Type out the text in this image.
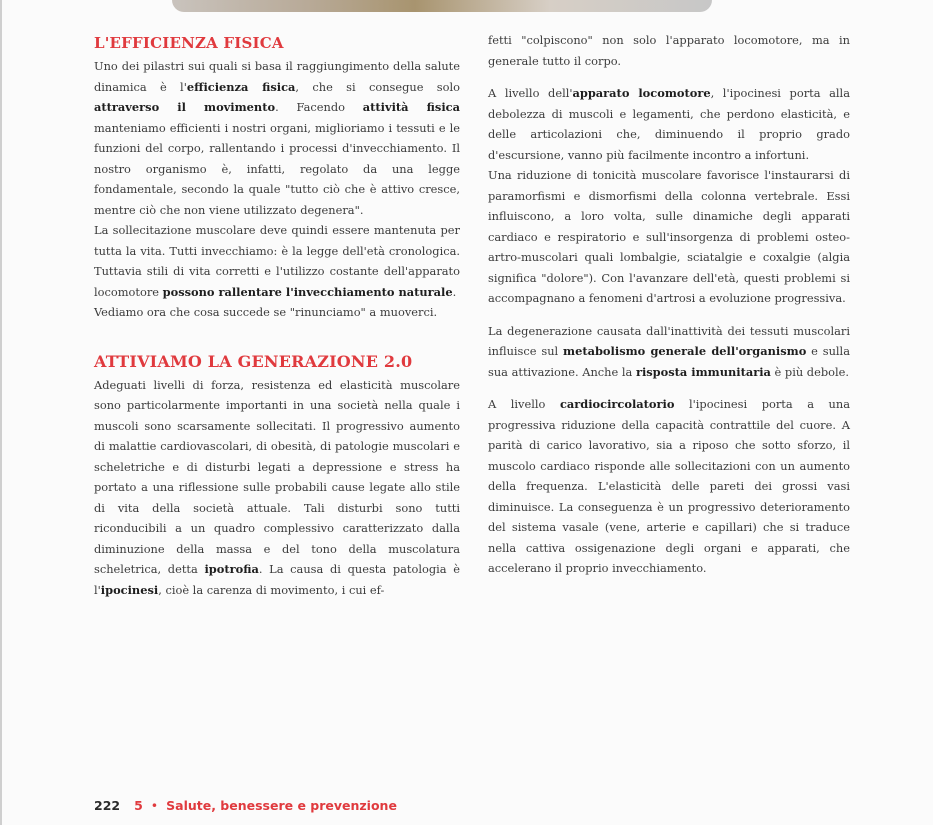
L'EFFICIENZA FISICA

Uno dei pilastri sui quali si basa il raggiungimento della salute dinamica è l'efficienza fisica, che si consegue solo attraverso il movimento. Facendo attività fisica manteniamo efficienti i nostri organi, miglioriamo i tessuti e le funzioni del corpo, rallentando i processi d'invecchiamento. Il nostro organismo è, infatti, regolato da una legge fondamentale, secondo la quale "tutto ciò che è attivo cresce, mentre ciò che non viene utilizzato degenera".

La sollecitazione muscolare deve quindi essere mantenuta per tutta la vita. Tutti invecchiamo: è la legge dell'età cronologica. Tuttavia stili di vita corretti e l'utilizzo costante dell'apparato locomotore possono rallentare l'invecchiamento naturale.

Vediamo ora che cosa succede se "rinunciamo" a muoverci.

ATTIVIAMO LA GENERAZIONE 2.0

Adeguati livelli di forza, resistenza ed elasticità muscolare sono particolarmente importanti in una società nella quale i muscoli sono scarsamente sollecitati. Il progressivo aumento di malattie cardiovascolari, di obesità, di patologie muscolari e scheletriche e di disturbi legati a depressione e stress ha portato a una riflessione sulle probabili cause legate allo stile di vita della società attuale. Tali disturbi sono tutti riconducibili a un quadro complessivo caratterizzato dalla diminuzione della massa e del tono della muscolatura scheletrica, detta ipotrofia. La causa di questa patologia è l'ipocinesi, cioè la carenza di movimento, i cui ef-

fetti "colpiscono" non solo l'apparato locomotore, ma in generale tutto il corpo.

A livello dell'apparato locomotore, l'ipocinesi porta alla debolezza di muscoli e legamenti, che perdono elasticità, e delle articolazioni che, diminuendo il proprio grado d'escursione, vanno più facilmente incontro a infortuni.

Una riduzione di tonicità muscolare favorisce l'instaurarsi di paramorfismi e dismorfismi della colonna vertebrale. Essi influiscono, a loro volta, sulle dinamiche degli apparati cardiaco e respiratorio e sull'insorgenza di problemi osteo-artro-muscolari quali lombalgie, sciatalgie e coxalgie (algia significa "dolore"). Con l'avanzare dell'età, questi problemi si accompagnano a fenomeni d'artrosi a evoluzione progressiva.

La degenerazione causata dall'inattività dei tessuti muscolari influisce sul metabolismo generale dell'organismo e sulla sua attivazione. Anche la risposta immunitaria è più debole.

A livello cardiocircolatorio l'ipocinesi porta a una progressiva riduzione della capacità contrattile del cuore. A parità di carico lavorativo, sia a riposo che sotto sforzo, il muscolo cardiaco risponde alle sollecitazioni con un aumento della frequenza. L'elasticità delle pareti dei grossi vasi diminuisce. La conseguenza è un progressivo deterioramento del sistema vasale (vene, arterie e capillari) che si traduce nella cattiva ossigenazione degli organi e apparati, che accelerano il proprio invecchiamento.

222 5 • Salute, benessere e prevenzione
